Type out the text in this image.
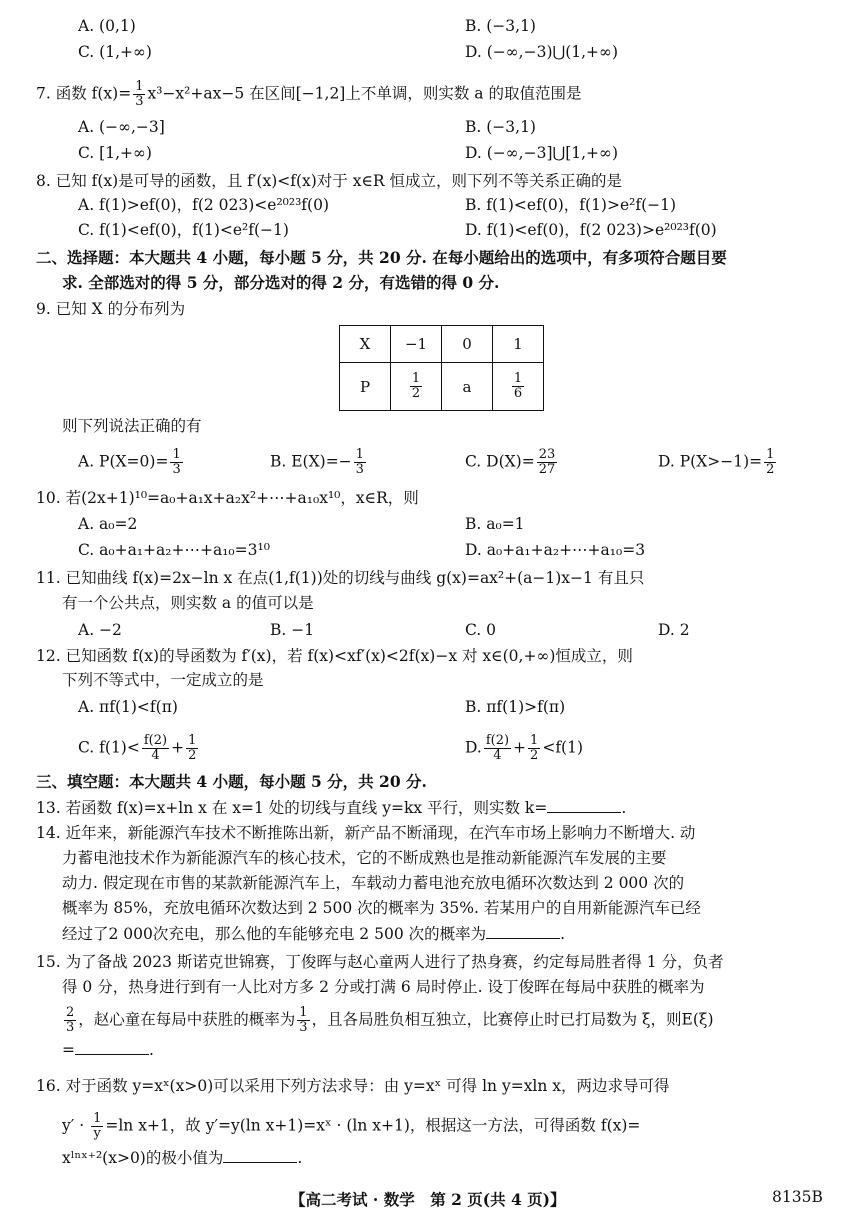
A. (0,1)	B. (−3,1)
C. (1,+∞)	D. (−∞,−3)⋃(1,+∞)
7. 函数 $f(x)= \frac{1}{3} x^3-x^2+ax-5$ 在区间[−1,2]上不单调，则实数 a 的取值范围是
A. (−∞,−3]	B. (−3,1)
C. [1,+∞)	D. (−∞,−3]⋃[1,+∞)
8. 已知 f(x)是可导的函数，且 f′(x)<f(x)对于 x∈R 恒成立，则下列不等关系正确的是
A. f(1)>ef(0)，f(2 023)<e²⁰²³f(0)	B. f(1)<ef(0)，f(1)>e²f(−1)
C. f(1)<ef(0)，f(1)<e²f(−1)	D. f(1)<ef(0)，f(2 023)>e²⁰²³f(0)
二、选择题：本大题共 4 小题，每小题 5 分，共 20 分. 在每小题给出的选项中，有多项符合题目要
求. 全部选对的得 5 分，部分选对的得 2 分，有选错的得 0 分.
9. 已知 X 的分布列为
X	−1	0	1
P	$\frac{1}{2}$	a	$\frac{1}{6}$
则下列说法正确的有
A. $P(X=0)= \frac{1}{3}$	B. $E(X)=- \frac{1}{3}$	C. $D(X)= \frac{23}{27}$	D. $P(X>-1)= \frac{1}{2}$
10. 若(2x+1)¹⁰=a₀+a₁x+a₂x²+⋯+a₁₀x¹⁰，x∈R，则
A. a₀=2	B. a₀=1
C. a₀+a₁+a₂+⋯+a₁₀=3¹⁰	D. a₀+a₁+a₂+⋯+a₁₀=3
11. 已知曲线 f(x)=2x−ln x 在点(1,f(1))处的切线与曲线 g(x)=ax²+(a−1)x−1 有且只
有一个公共点，则实数 a 的值可以是
A. −2	B. −1	C. 0	D. 2
12. 已知函数 f(x)的导函数为 f′(x)，若 f(x)<xf′(x)<2f(x)−x 对 x∈(0,+∞)恒成立，则
下列不等式中，一定成立的是
A. πf(1)<f(π)	B. πf(1)>f(π)
C. $f(1)< \frac{f(2)}{4} + \frac{1}{2}$	D. $\frac{f(2)}{4} + \frac{1}{2} <f(1)$
三、填空题：本大题共 4 小题，每小题 5 分，共 20 分.
13. 若函数 f(x)=x+ln x 在 x=1 处的切线与直线 y=kx 平行，则实数 k=	.
14. 近年来，新能源汽车技术不断推陈出新，新产品不断涌现，在汽车市场上影响力不断增大. 动
力蓄电池技术作为新能源汽车的核心技术，它的不断成熟也是推动新能源汽车发展的主要
动力. 假定现在市售的某款新能源汽车上，车载动力蓄电池充放电循环次数达到 2 000 次的
概率为 85%，充放电循环次数达到 2 500 次的概率为 35%. 若某用户的自用新能源汽车已经
经过了2 000次充电，那么他的车能够充电 2 500 次的概率为	.
15. 为了备战 2023 斯诺克世锦赛，丁俊晖与赵心童两人进行了热身赛，约定每局胜者得 1 分，负者
得 0 分，热身进行到有一人比对方多 2 分或打满 6 局时停止. 设丁俊晖在每局中获胜的概率为
$\frac{2}{3}$ ，赵心童在每局中获胜的概率为 $\frac{1}{3}$ ，且各局胜负相互独立，比赛停止时已打局数为 ξ，则E(ξ)
=	.
16. 对于函数 y=xˣ(x>0)可以采用下列方法求导：由 y=xˣ 可得 ln y=xln x，两边求导可得
$y' \cdot \frac{1}{y} =\ln$ x+1，故 y′=y(ln x+1)=xˣ · (ln x+1)，根据这一方法，可得函数 f(x)=
xˡⁿˣ⁺²(x>0)的极小值为	.
【高二考试 · 数学　第 2 页(共 4 页)】	8135B
